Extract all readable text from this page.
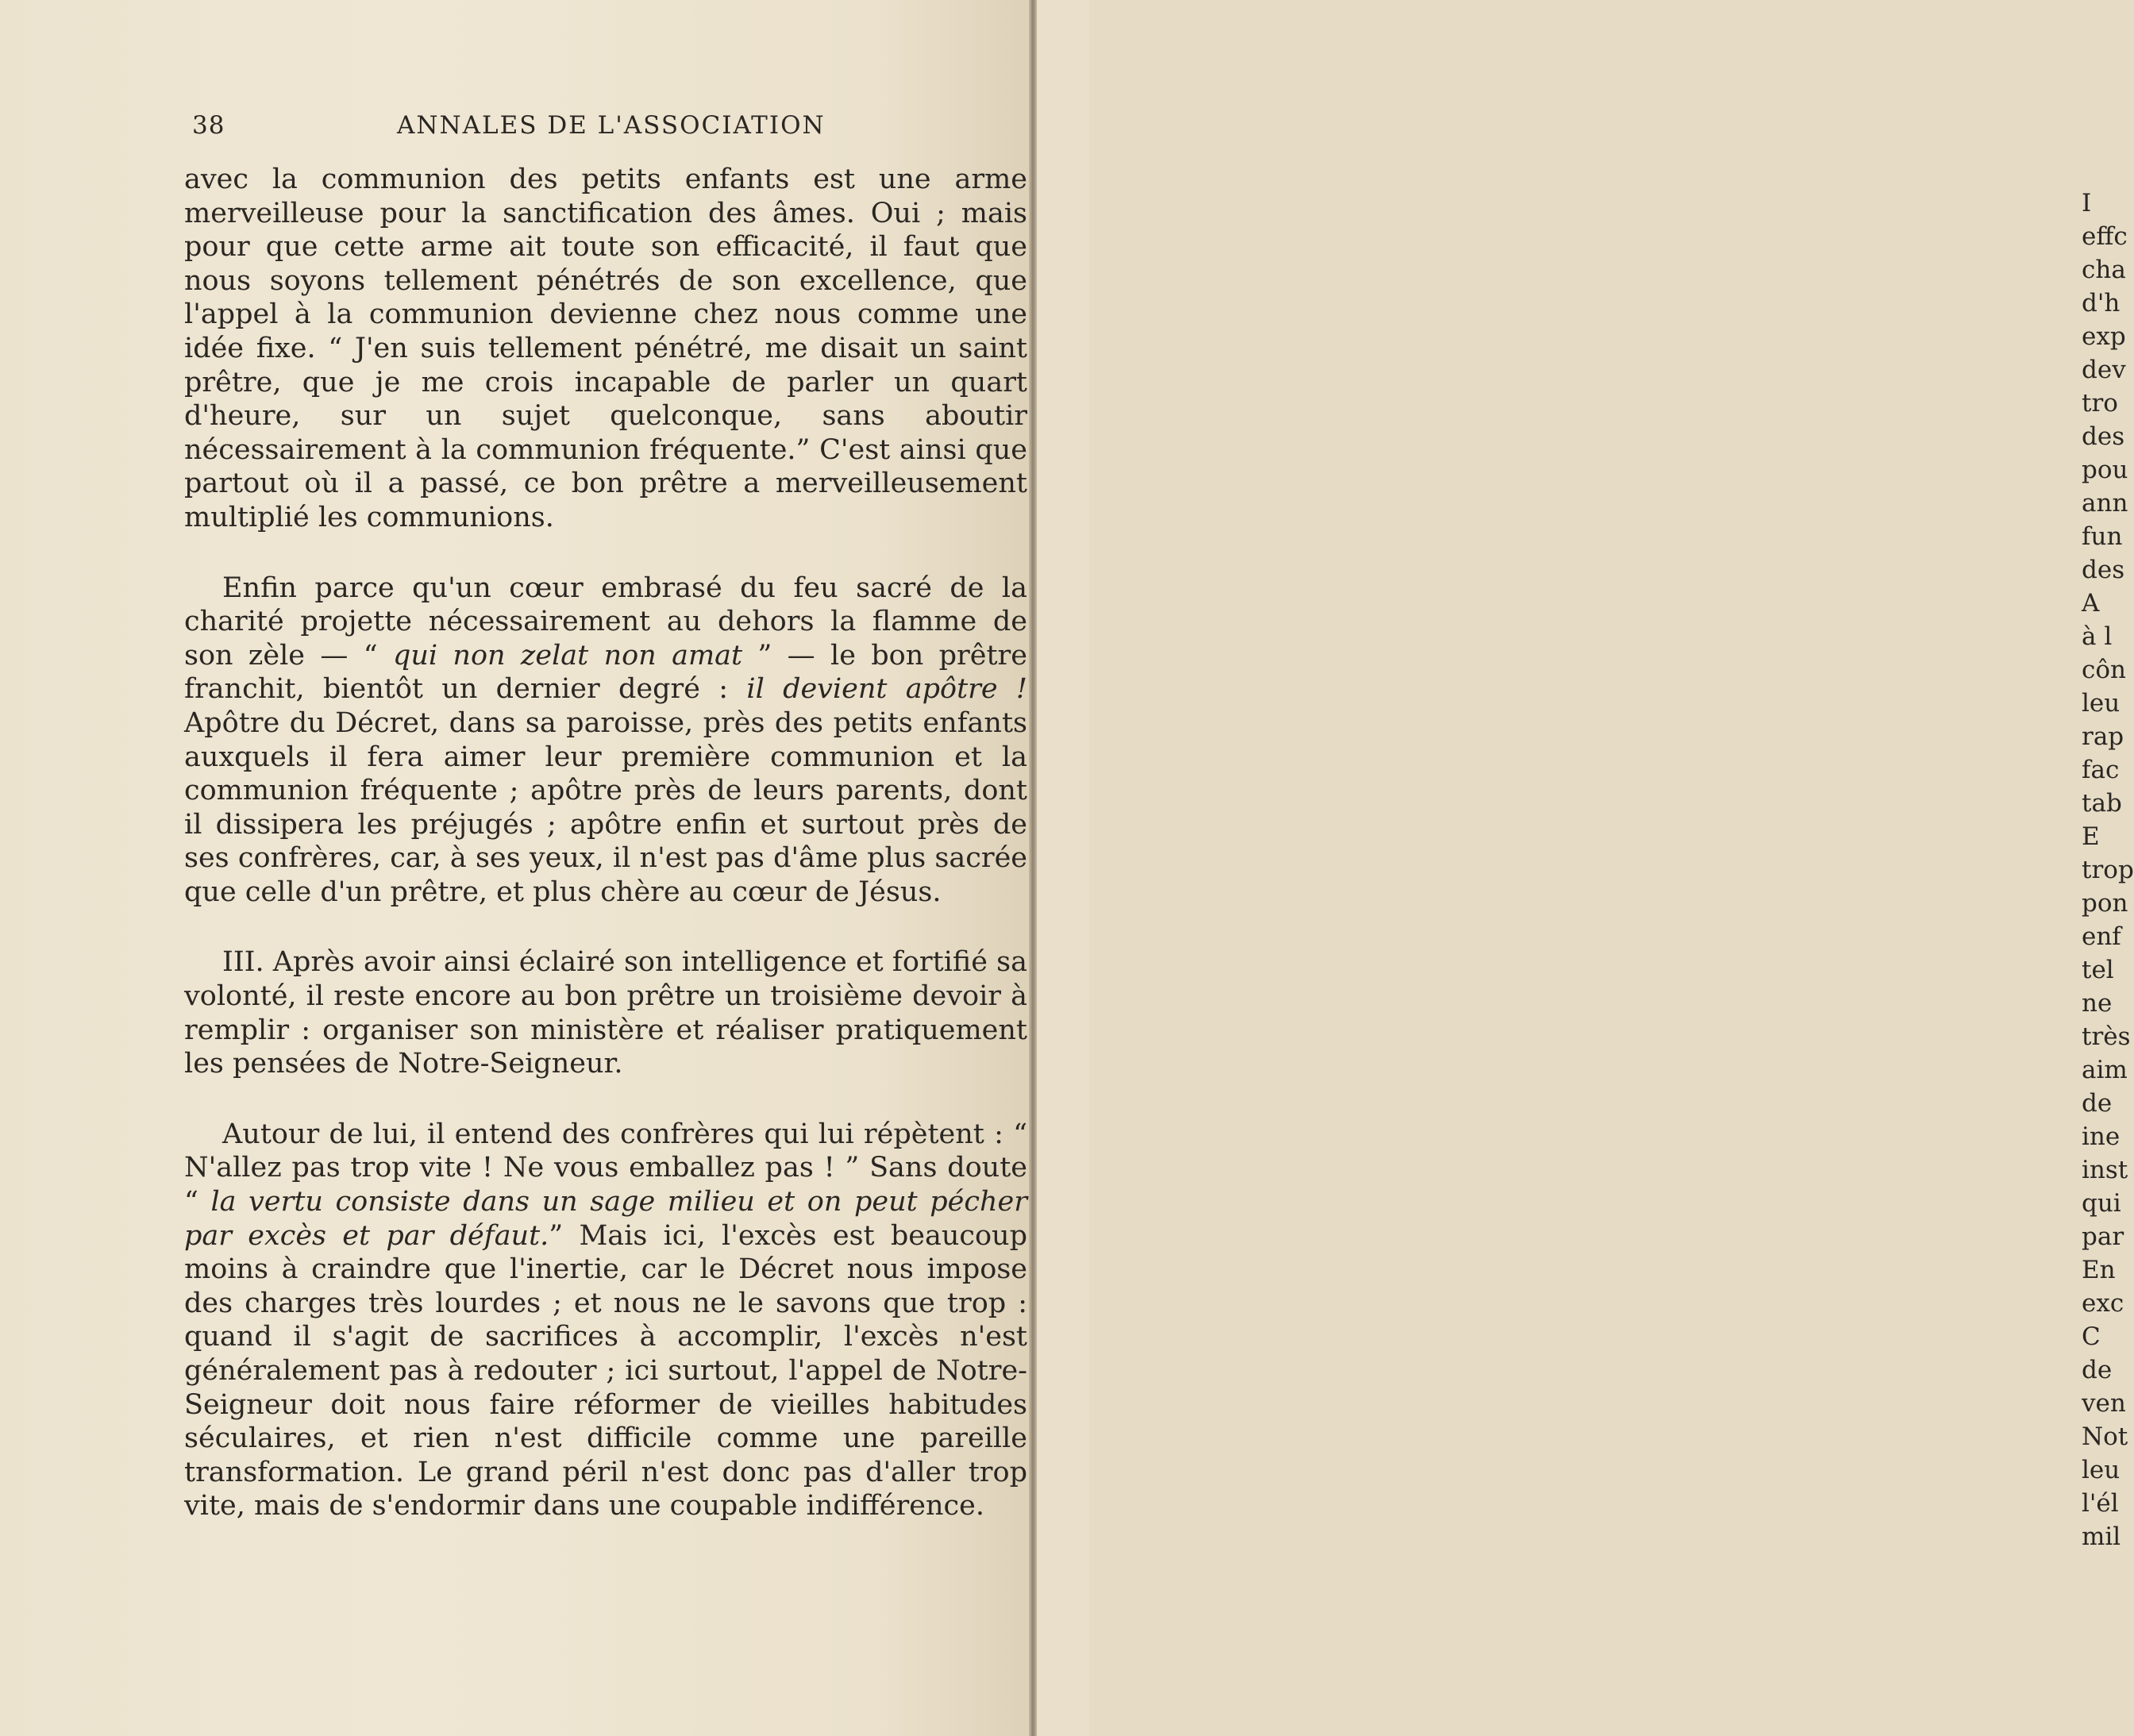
38	ANNALES DE L'ASSOCIATION

avec la communion des petits enfants est une arme merveilleuse pour la sanctification des âmes. Oui ; mais pour que cette arme ait toute son efficacité, il faut que nous soyons tellement pénétrés de son excellence, que l'appel à la communion devienne chez nous comme une idée fixe. “ J'en suis tellement pénétré, me disait un saint prêtre, que je me crois incapable de parler un quart d'heure, sur un sujet quelconque, sans aboutir nécessairement à la communion fréquente.” C'est ainsi que partout où il a passé, ce bon prêtre a merveilleusement multiplié les communions.

Enfin parce qu'un cœur embrasé du feu sacré de la charité projette nécessairement au dehors la flamme de son zèle — “ qui non zelat non amat ” — le bon prêtre franchit, bientôt un dernier degré : il devient apôtre ! Apôtre du Décret, dans sa paroisse, près des petits enfants auxquels il fera aimer leur première communion et la communion fréquente ; apôtre près de leurs parents, dont il dissipera les préjugés ; apôtre enfin et surtout près de ses confrères, car, à ses yeux, il n'est pas d'âme plus sacrée que celle d'un prêtre, et plus chère au cœur de Jésus.

III. Après avoir ainsi éclairé son intelligence et fortifié sa volonté, il reste encore au bon prêtre un troisième devoir à remplir : organiser son ministère et réaliser pratiquement les pensées de Notre-Seigneur.

Autour de lui, il entend des confrères qui lui répètent : “ N'allez pas trop vite ! Ne vous emballez pas ! ” Sans doute “ la vertu consiste dans un sage milieu et on peut pécher par excès et par défaut.” Mais ici, l'excès est beaucoup moins à craindre que l'inertie, car le Décret nous impose des charges très lourdes ; et nous ne le savons que trop : quand il s'agit de sacrifices à accomplir, l'excès n'est généralement pas à redouter ; ici surtout, l'appel de Notre-Seigneur doit nous faire réformer de vieilles habitudes séculaires, et rien n'est difficile comme une pareille transformation. Le grand péril n'est donc pas d'aller trop vite, mais de s'endormir dans une coupable indifférence.

I
effc
cha
d'h
exp
dev
tro
des
pou
ann
fun
des
A
à l
côn
leu
rap
fac
tab
E
trop
pon
enf
tel
ne
très
aim
de
ine
inst
qui
par
En
exc
C
de
ven
Not
leu
l'él
mil
